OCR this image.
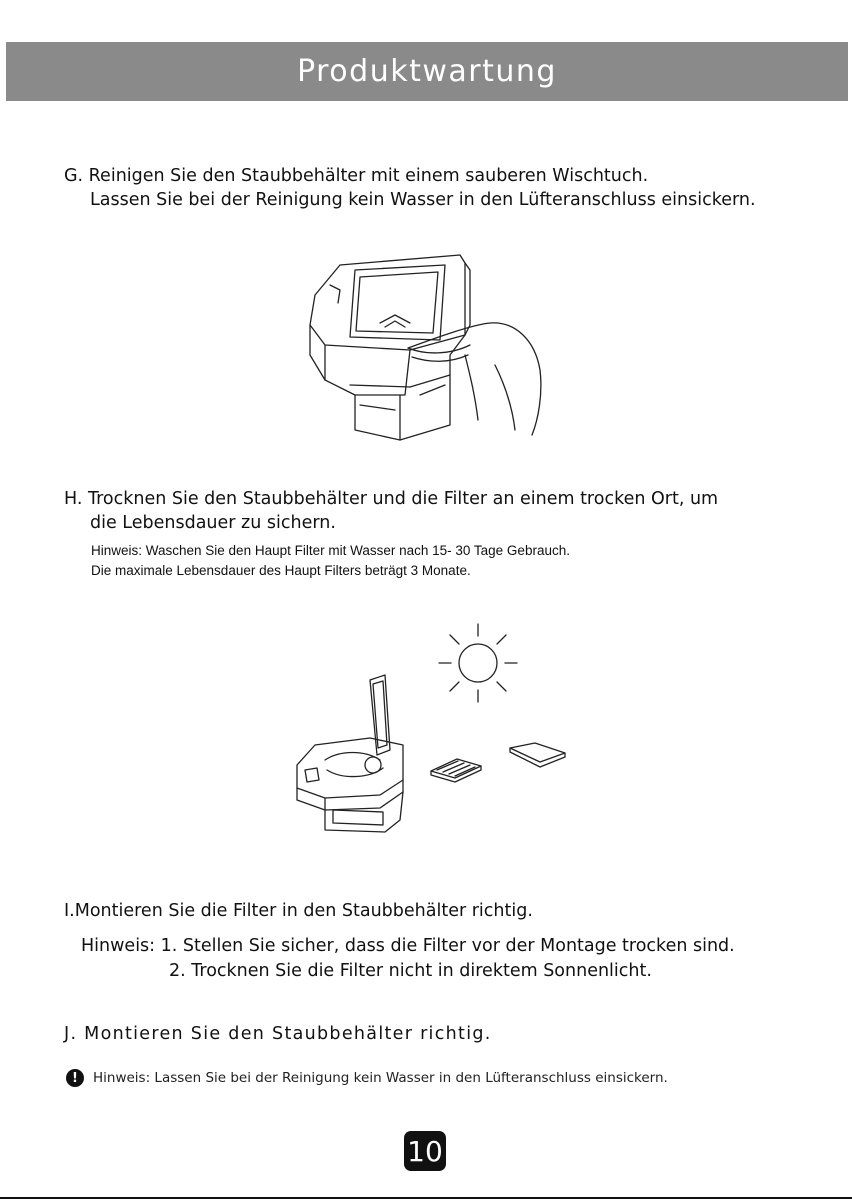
Produktwartung
G. Reinigen Sie den Staubbehälter mit einem sauberen Wischtuch.
Lassen Sie bei der Reinigung kein Wasser in den Lüfteranschluss einsickern.
H. Trocknen Sie den Staubbehälter und die Filter an einem trocken Ort, um
die Lebensdauer zu sichern.
Hinweis: Waschen Sie den Haupt Filter mit Wasser nach 15- 30 Tage Gebrauch.
Die maximale Lebensdauer des Haupt Filters beträgt 3 Monate.
I.Montieren Sie die Filter in den Staubbehälter richtig.
Hinweis: 1. Stellen Sie sicher, dass die Filter vor der Montage trocken sind.
2. Trocknen Sie die Filter nicht in direktem Sonnenlicht.
J. Montieren Sie den Staubbehälter richtig.
!	Hinweis: Lassen Sie bei der Reinigung kein Wasser in den Lüfteranschluss einsickern.
10
